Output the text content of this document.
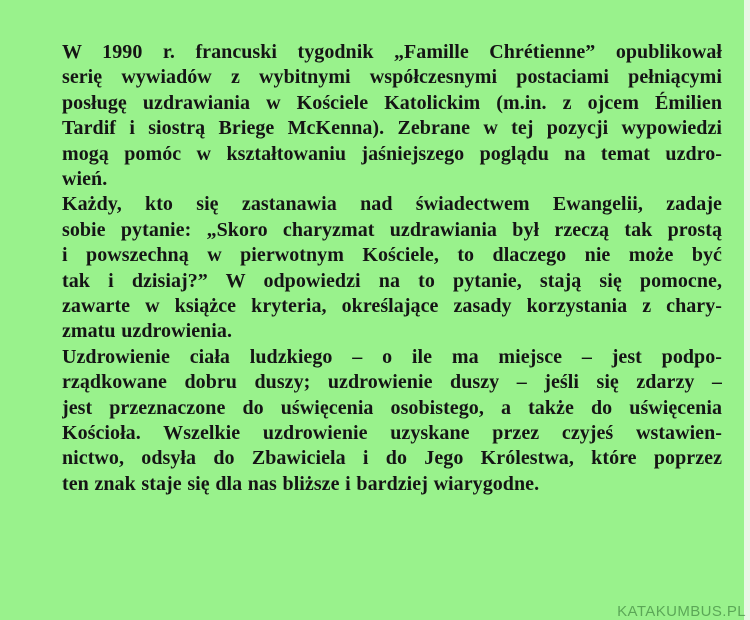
W 1990 r. francuski tygodnik „Famille Chrétienne” opublikował
serię wywiadów z wybitnymi współczesnymi postaciami pełniącymi
posługę uzdrawiania w Kościele Katolickim (m.in. z ojcem Émilien
Tardif i siostrą Briege McKenna). Zebrane w tej pozycji wypowiedzi
mogą pomóc w kształtowaniu jaśniejszego poglądu na temat uzdro-
wień.

Każdy, kto się zastanawia nad świadectwem Ewangelii, zadaje
sobie pytanie: „Skoro charyzmat uzdrawiania był rzeczą tak prostą
i powszechną w pierwotnym Kościele, to dlaczego nie może być
tak i dzisiaj?” W odpowiedzi na to pytanie, stają się pomocne,
zawarte w książce kryteria, określające zasady korzystania z chary-
zmatu uzdrowienia.

Uzdrowienie ciała ludzkiego – o ile ma miejsce – jest podpo-
rządkowane dobru duszy; uzdrowienie duszy – jeśli się zdarzy –
jest przeznaczone do uświęcenia osobistego, a także do uświęcenia
Kościoła. Wszelkie uzdrowienie uzyskane przez czyjeś wstawien-
nictwo, odsyła do Zbawiciela i do Jego Królestwa, które poprzez
ten znak staje się dla nas bliższe i bardziej wiarygodne.

KATAKUMBUS.PL
